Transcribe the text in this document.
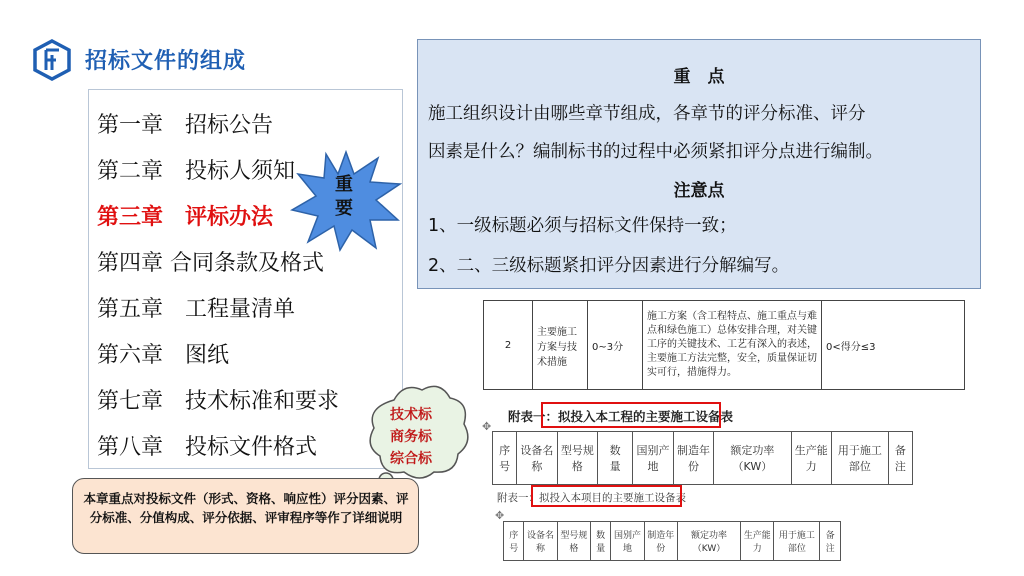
招标文件的组成
第一章　 招标公告
第二章　 投标人须知
第三章　 评标办法
第四章 合同条款及格式
第五章　 工程量清单
第六章　 图纸
第七章　 技术标准和要求
第八章　 投标文件格式
重
要
重　点
施工组织设计由哪些章节组成，各章节的评分标准、评分
因素是什么？编制标书的过程中必须紧扣评分点进行编制。
注意点
1、一级标题必须与招标文件保持一致；
2、二、三级标题紧扣评分因素进行分解编写。
2	主要施工方案与技术措施	0~3分	施工方案（含工程特点、施工重点与难点和绿色施工）总体安排合理，对关键工序的关键技术、工艺有深入的表述，主要施工方法完整，安全，质量保证切实可行，措施得力。	0<得分≤3
技术标
商务标
综合标
本章重点对投标文件（形式、资格、响应性）评分因素、评分标准、分值构成、评分依据、评审程序等作了详细说明
附表一：拟投入本工程的主要施工设备表
✥
序号	设备名称	型号规格	数　量	国别产地	制造年份	额定功率（KW）	生产能力	用于施工部位	备注
附表一：拟投入本项目的主要施工设备表
✥
序号	设备名称	型号规格	数量	国别产地	制造年份	额定功率（KW）	生产能力	用于施工部位	备注
